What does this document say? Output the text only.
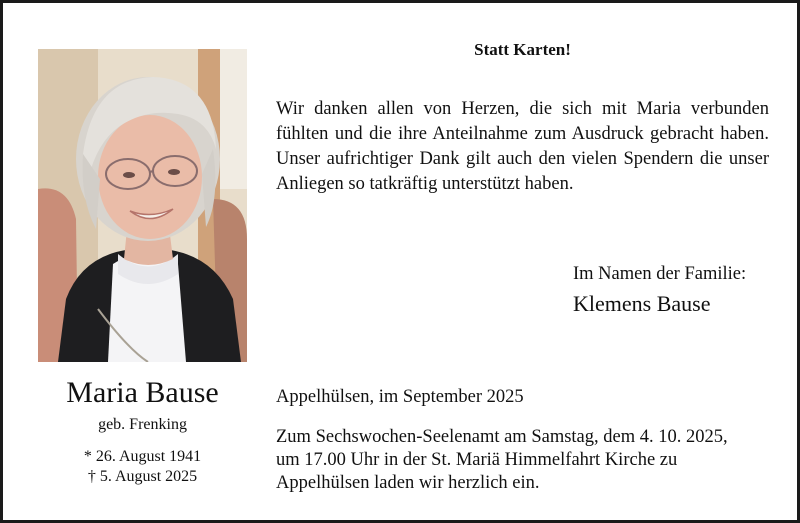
Maria Bause
geb. Frenking
* 26. August 1941
† 5. August 2025
Statt Karten!
Wir danken allen von Herzen, die sich mit Maria verbunden fühlten und die ihre Anteilnahme zum Ausdruck gebracht haben. Unser aufrichtiger Dank gilt auch den vielen Spendern die unser Anliegen so tatkräftig unterstützt haben.
Im Namen der Familie:
Klemens Bause
Appelhülsen, im September 2025
Zum Sechswochen-Seelenamt am Samstag, dem 4. 10. 2025,
um 17.00 Uhr in der St. Mariä Himmelfahrt Kirche zu
Appelhülsen laden wir herzlich ein.
